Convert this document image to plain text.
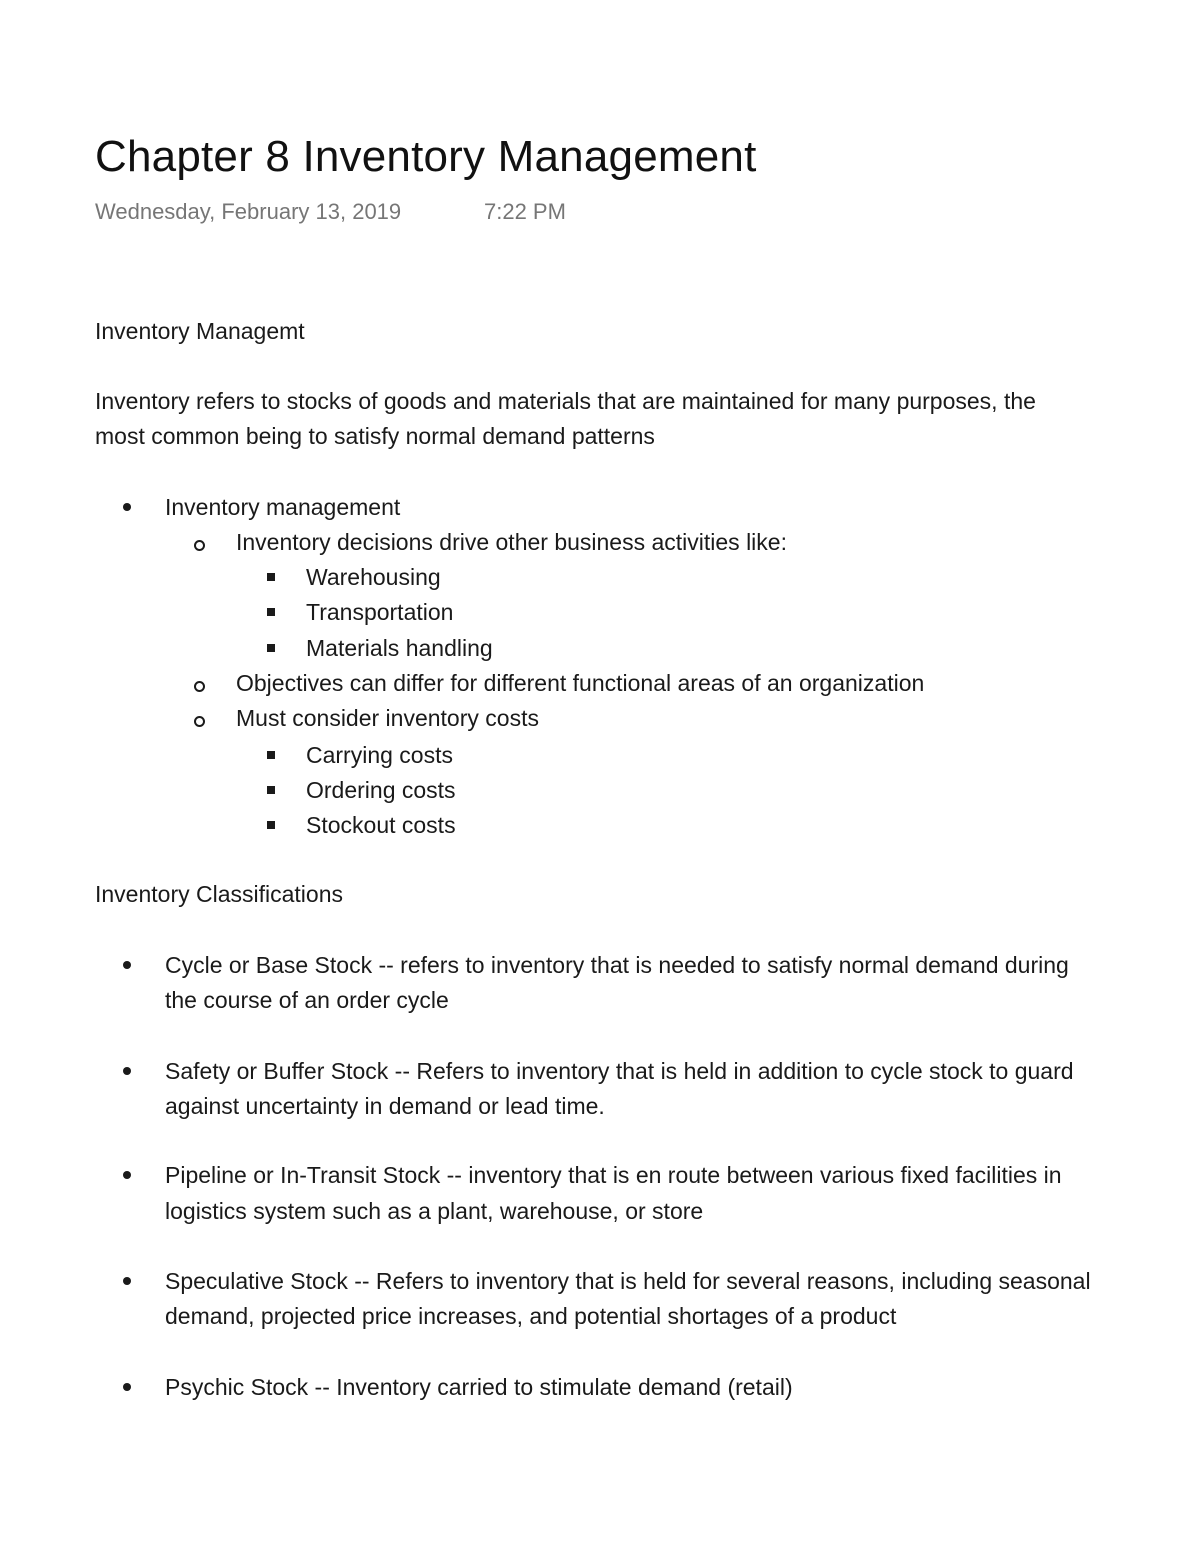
Chapter 8 Inventory Management
Wednesday, February 13, 2019	7:22 PM
Inventory Managemt
Inventory refers to stocks of goods and materials that are maintained for many purposes, the
most common being to satisfy normal demand patterns
Inventory management
Inventory decisions drive other business activities like:
Warehousing
Transportation
Materials handling
Objectives can differ for different functional areas of an organization
Must consider inventory costs
Carrying costs
Ordering costs
Stockout costs
Inventory Classifications
Cycle or Base Stock -- refers to inventory that is needed to satisfy normal demand during
the course of an order cycle
Safety or Buffer Stock -- Refers to inventory that is held in addition to cycle stock to guard
against uncertainty in demand or lead time.
Pipeline or In-Transit Stock -- inventory that is en route between various fixed facilities in
logistics system such as a plant, warehouse, or store
Speculative Stock -- Refers to inventory that is held for several reasons, including seasonal
demand, projected price increases, and potential shortages of a product
Psychic Stock -- Inventory carried to stimulate demand (retail)
